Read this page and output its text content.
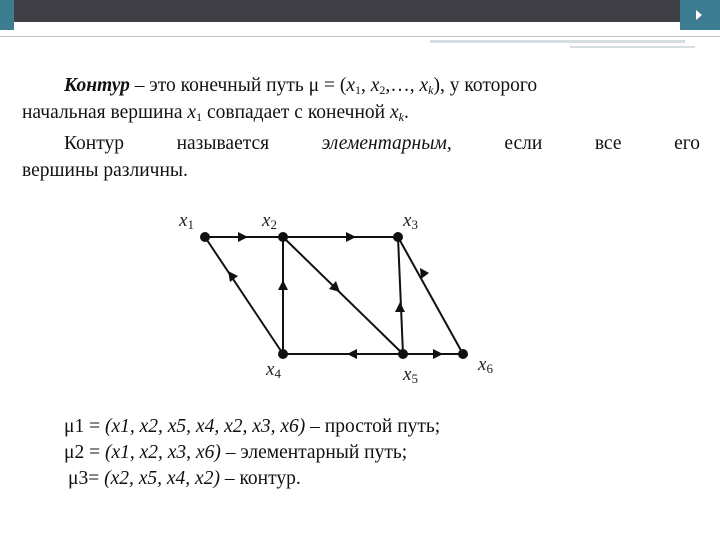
Контур – это конечный путь $\mu = (x_1$, $x_2,\dots$, $x_k$), у которого
начальная вершина $x_1$ совпадает с конечной $x_k$.
Контур	называется	элементарным,	если	все	его
вершины различны.
x1	x2	x3
x4	x5
x6
μ1 = (x1, x2, x5, x4, x2, x3, x6) – простой путь;
μ2 = (x1, x2, x3, x6) – элементарный путь;
μ3= (x2, x5, x4, x2) – контур.
